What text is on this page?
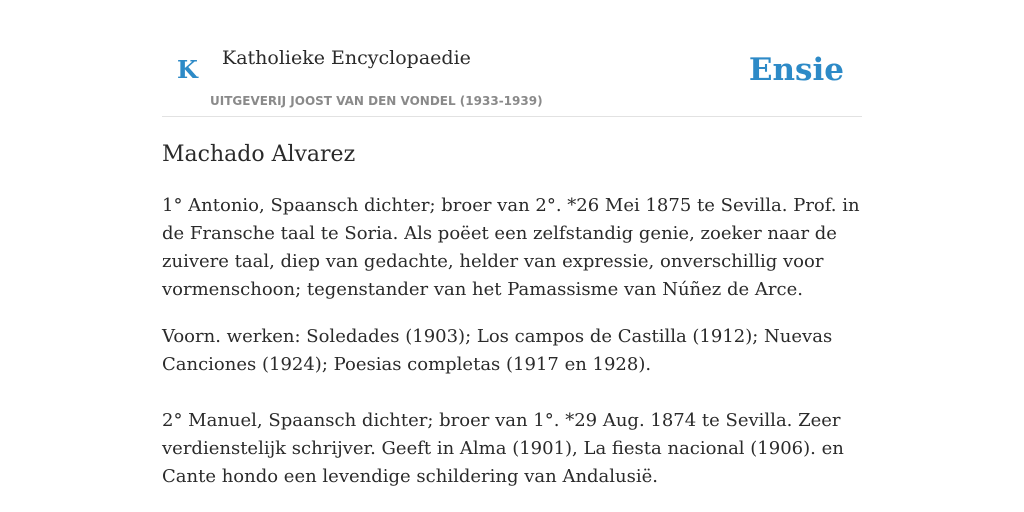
K Katholieke Encyclopaedie
UITGEVERIJ JOOST VAN DEN VONDEL (1933-1939)
Ensie
Machado Alvarez

1° Antonio, Spaansch dichter; broer van 2°. *26 Mei 1875 te Sevilla. Prof. in de Fransche taal te Soria. Als poëet een zelfstandig genie, zoeker naar de zuivere taal, diep van gedachte, helder van expressie, onverschillig voor vormenschoon; tegenstander van het Pamassisme van Núñez de Arce.

Voorn. werken: Soledades (1903); Los campos de Castilla (1912); Nuevas Canciones (1924); Poesias completas (1917 en 1928).

2° Manuel, Spaansch dichter; broer van 1°. *29 Aug. 1874 te Sevilla. Zeer verdienstelijk schrijver. Geeft in Alma (1901), La fiesta nacional (1906). en Cante hondo een levendige schildering van Andalusië.
